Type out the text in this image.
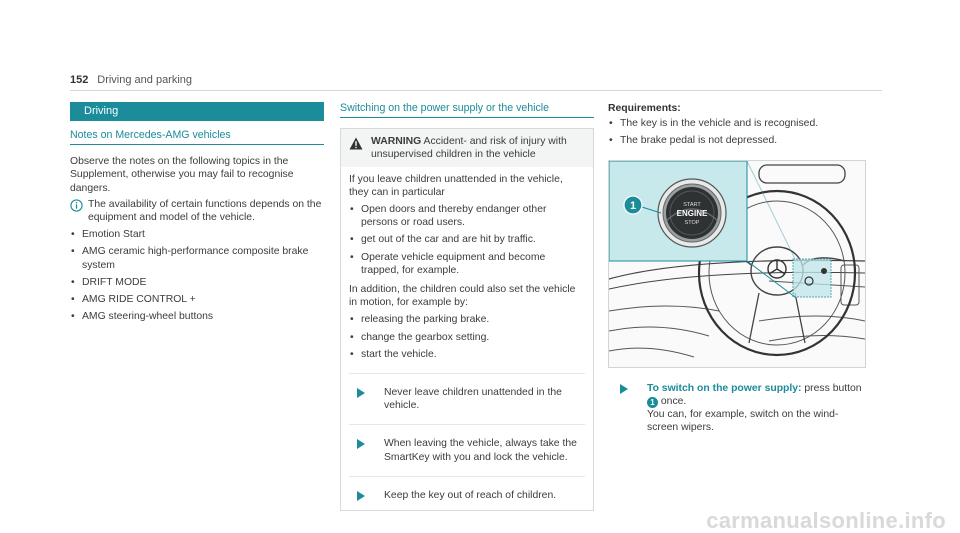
152 Driving and parking
Driving
Notes on Mercedes-AMG vehicles

Observe the notes on the following topics in the Supplement, otherwise you may fail to recognise dangers.

The availability of certain functions depends on the equipment and model of the vehicle.
• Emotion Start
• AMG ceramic high-performance composite brake system
• DRIFT MODE
• AMG RIDE CONTROL +
• AMG steering-wheel buttons
Switching on the power supply or the vehicle
WARNING Accident- and risk of injury with unsupervised children in the vehicle
If you leave children unattended in the vehicle, they can in particular
• Open doors and thereby endanger other persons or road users.
• get out of the car and are hit by traffic.
• Operate vehicle equipment and become trapped, for example.
In addition, the children could also set the vehicle in motion, for example by:
• releasing the parking brake.
• change the gearbox setting.
• start the vehicle.
Never leave children unattended in the vehicle.
When leaving the vehicle, always take the SmartKey with you and lock the vehicle.
Keep the key out of reach of children.
Requirements:
• The key is in the vehicle and is recognised.
• The brake pedal is not depressed.
START
ENGINE
STOP
1
To switch on the power supply: press button
1 once.
You can, for example, switch on the wind-screen wipers.
carmanualsonline.info
